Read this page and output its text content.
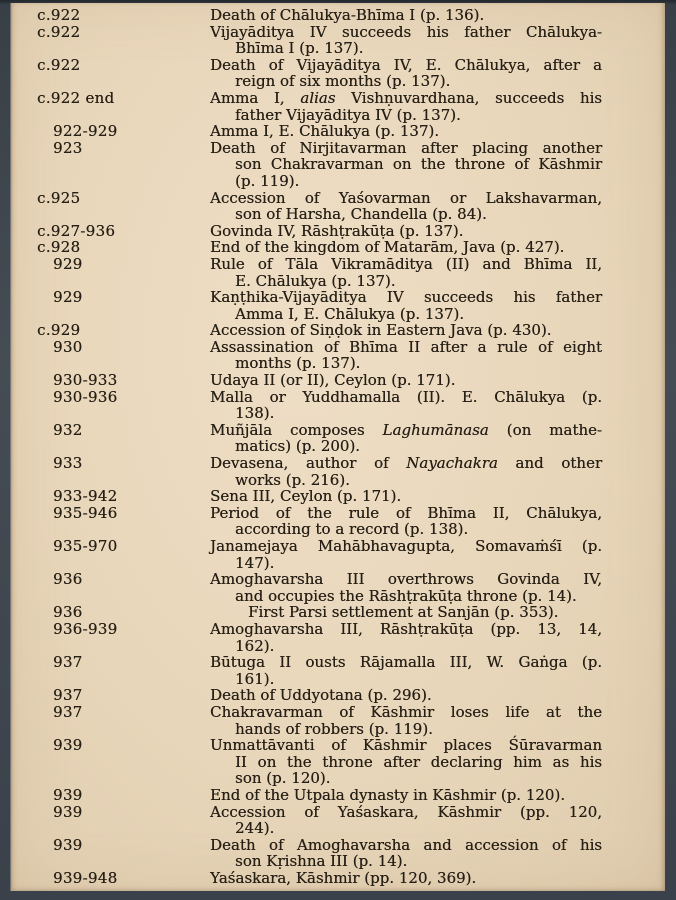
c.922	Death of Chālukya-Bhīma I (p. 136).
c.922	Vijayāditya IV succeeds his father Chālukya-
Bhīma I (p. 137).
c.922	Death of Vijayāditya IV, E. Chālukya, after a
reign of six months (p. 137).
c.922 end	Amma I, alias Vishṇuvardhana, succeeds his
father Vijayāditya IV (p. 137).
922-929	Amma I, E. Chālukya (p. 137).
923	Death of Nirjitavarman after placing another
son Chakravarman on the throne of Kāshmir
(p. 119).
c.925	Accession of Yaśovarman or Lakshavarman,
son of Harsha, Chandella (p. 84).
c.927-936	Govinda IV, Rāshṭrakūṭa (p. 137).
c.928	End of the kingdom of Matarām, Java (p. 427).
929	Rule of Tāla Vikramāditya (II) and Bhīma II,
E. Chālukya (p. 137).
929	Kaṇṭhika-Vijayāditya IV succeeds his father
Amma I, E. Chālukya (p. 137).
c.929	Accession of Siṇḍok in Eastern Java (p. 430).
930	Assassination of Bhīma II after a rule of eight
months (p. 137).
930-933	Udaya II (or II), Ceylon (p. 171).
930-936	Malla or Yuddhamalla (II). E. Chālukya (p.
138).
932	Muñjāla composes Laghumānasa (on mathe-
matics) (p. 200).
933	Devasena, author of Nayachakra and other
works (p. 216).
933-942	Sena III, Ceylon (p. 171).
935-946	Period of the rule of Bhīma II, Chālukya,
according to a record (p. 138).
935-970	Janamejaya Mahābhavagupta, Somavaṁśī (p.
147).
936	Amoghavarsha III overthrows Govinda IV,
and occupies the Rāshṭrakūṭa throne (p. 14).
936	First Parsi settlement at Sanjān (p. 353).
936-939	Amoghavarsha III, Rāshṭrakūṭa (pp. 13, 14,
162).
937	Būtuga II ousts Rājamalla III, W. Gaṅga (p.
161).
937	Death of Uddyotana (p. 296).
937	Chakravarman of Kāshmir loses life at the
hands of robbers (p. 119).
939	Unmattāvanti of Kāshmir places Śūravarman
II on the throne after declaring him as his
son (p. 120).
939	End of the Utpala dynasty in Kāshmir (p. 120).
939	Accession of Yaśaskara, Kāshmir (pp. 120,
244).
939	Death of Amoghavarsha and accession of his
son Kṛishna III (p. 14).
939-948	Yaśaskara, Kāshmir (pp. 120, 369).
